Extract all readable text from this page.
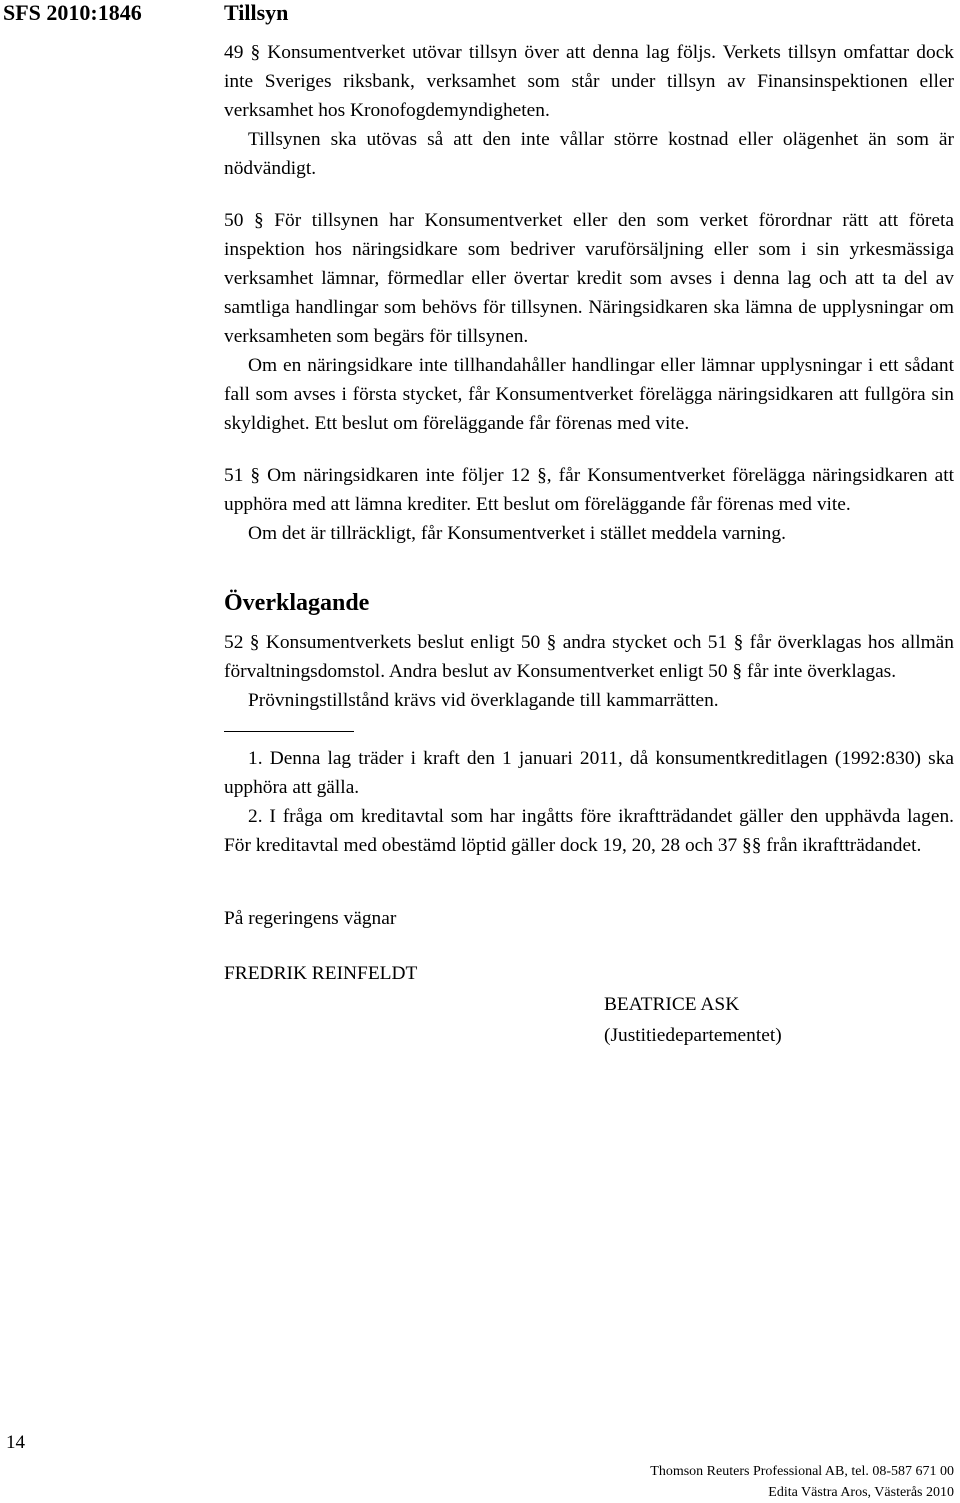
SFS 2010:1846	Tillsyn

49 § Konsumentverket utövar tillsyn över att denna lag följs. Verkets tillsyn omfattar dock inte Sveriges riksbank, verksamhet som står under tillsyn av Finansinspektionen eller verksamhet hos Kronofogdemyndigheten.

Tillsynen ska utövas så att den inte vållar större kostnad eller olägenhet än som är nödvändigt.

50 § För tillsynen har Konsumentverket eller den som verket förordnar rätt att företa inspektion hos näringsidkare som bedriver varuförsäljning eller som i sin yrkesmässiga verksamhet lämnar, förmedlar eller övertar kredit som avses i denna lag och att ta del av samtliga handlingar som behövs för tillsynen. Näringsidkaren ska lämna de upplysningar om verksamheten som begärs för tillsynen.

Om en näringsidkare inte tillhandahåller handlingar eller lämnar upplysningar i ett sådant fall som avses i första stycket, får Konsumentverket förelägga näringsidkaren att fullgöra sin skyldighet. Ett beslut om föreläggande får förenas med vite.

51 § Om näringsidkaren inte följer 12 §, får Konsumentverket förelägga näringsidkaren att upphöra med att lämna krediter. Ett beslut om föreläggande får förenas med vite.

Om det är tillräckligt, får Konsumentverket i stället meddela varning.

Överklagande

52 § Konsumentverkets beslut enligt 50 § andra stycket och 51 § får överklagas hos allmän förvaltningsdomstol. Andra beslut av Konsumentverket enligt 50 § får inte överklagas.

Prövningstillstånd krävs vid överklagande till kammarrätten.

1. Denna lag träder i kraft den 1 januari 2011, då konsumentkreditlagen (1992:830) ska upphöra att gälla.

2. I fråga om kreditavtal som har ingåtts före ikraftträdandet gäller den upphävda lagen. För kreditavtal med obestämd löptid gäller dock 19, 20, 28 och 37 §§ från ikraftträdandet.

På regeringens vägnar
FREDRIK REINFELDT
BEATRICE ASK
(Justitiedepartementet)
14
Thomson Reuters Professional AB, tel. 08-587 671 00
Edita Västra Aros, Västerås 2010
